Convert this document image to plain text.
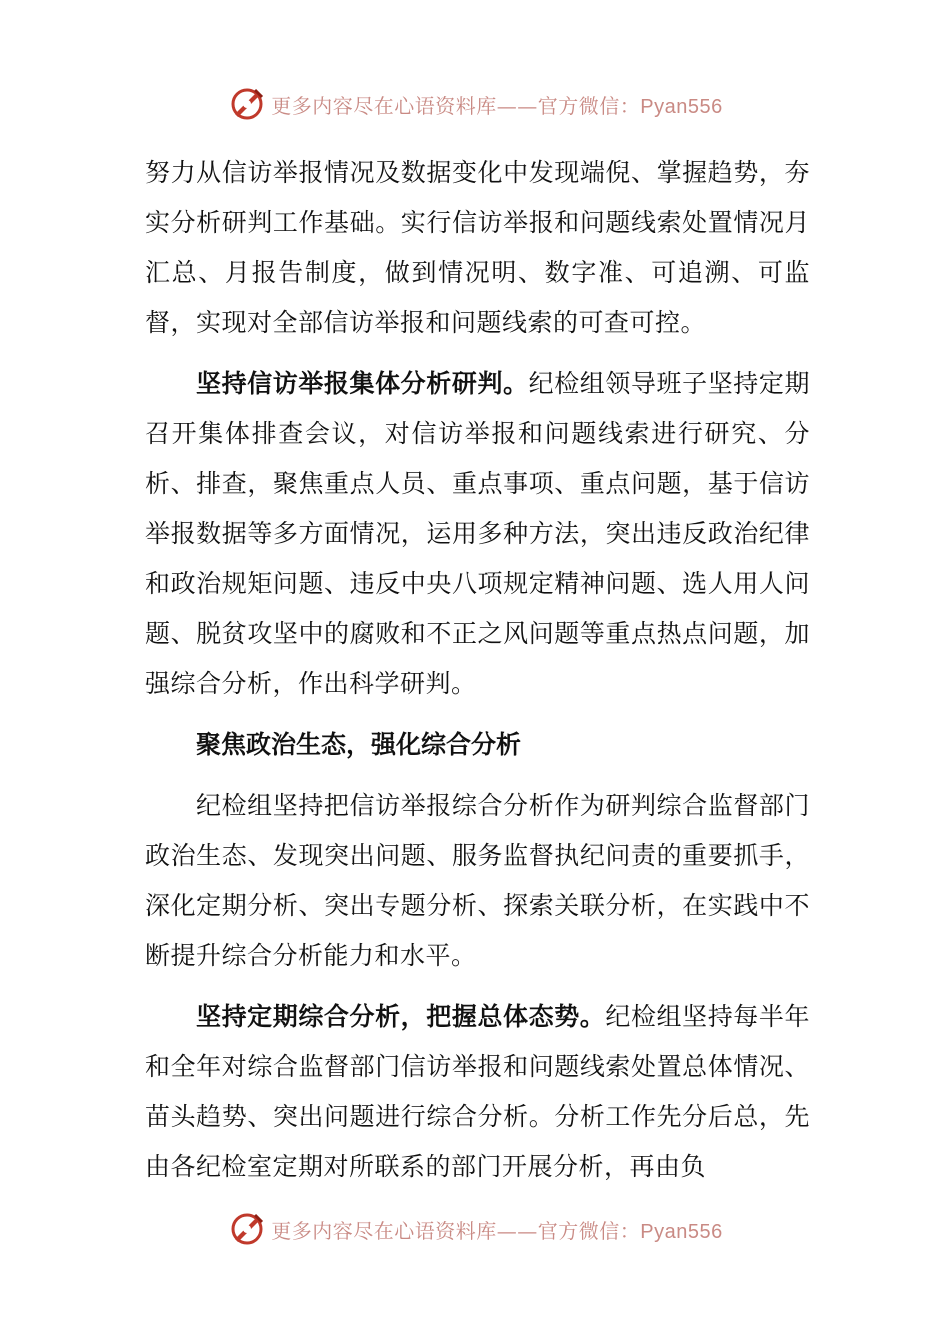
更多内容尽在心语资料库——官方微信：Pyan556

努力从信访举报情况及数据变化中发现端倪、掌握趋势，夯实分析研判工作基础。实行信访举报和问题线索处置情况月汇总、月报告制度，做到情况明、数字准、可追溯、可监督，实现对全部信访举报和问题线索的可查可控。

坚持信访举报集体分析研判。纪检组领导班子坚持定期召开集体排查会议，对信访举报和问题线索进行研究、分析、排查，聚焦重点人员、重点事项、重点问题，基于信访举报数据等多方面情况，运用多种方法，突出违反政治纪律和政治规矩问题、违反中央八项规定精神问题、选人用人问题、脱贫攻坚中的腐败和不正之风问题等重点热点问题，加强综合分析，作出科学研判。

聚焦政治生态，强化综合分析

纪检组坚持把信访举报综合分析作为研判综合监督部门政治生态、发现突出问题、服务监督执纪问责的重要抓手，深化定期分析、突出专题分析、探索关联分析，在实践中不断提升综合分析能力和水平。

坚持定期综合分析，把握总体态势。纪检组坚持每半年和全年对综合监督部门信访举报和问题线索处置总体情况、苗头趋势、突出问题进行综合分析。分析工作先分后总，先由各纪检室定期对所联系的部门开展分析，再由负

更多内容尽在心语资料库——官方微信：Pyan556
